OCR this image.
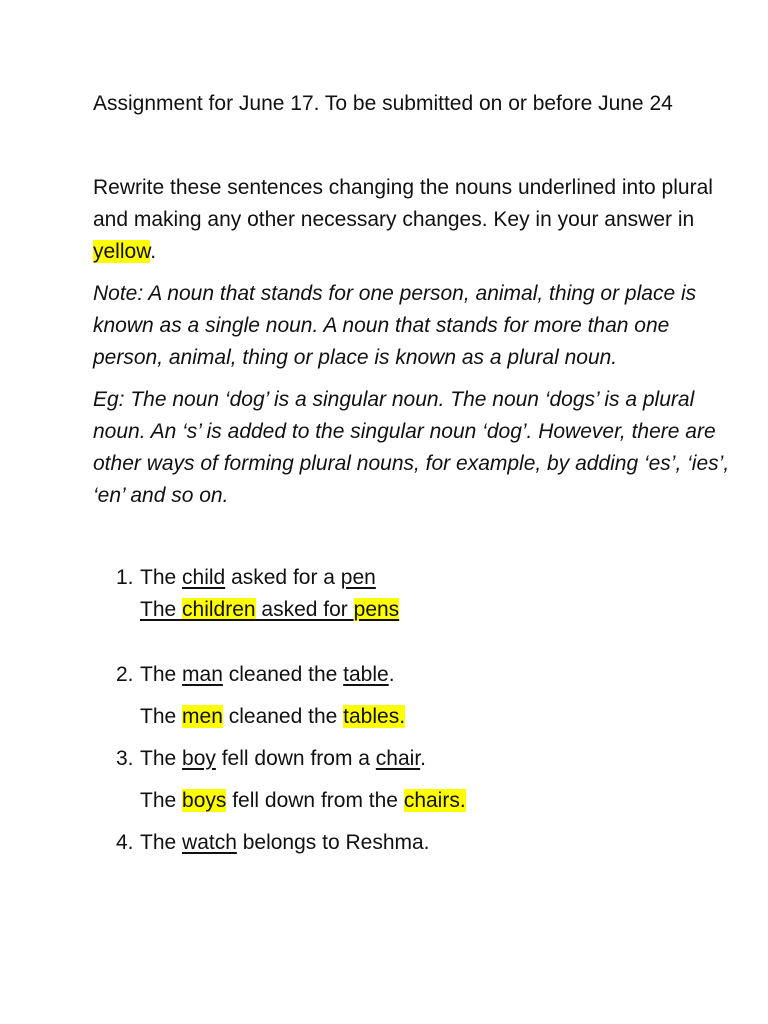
Assignment for June 17. To be submitted on or before June 24

Rewrite these sentences changing the nouns underlined into plural and making any other necessary changes. Key in your answer in yellow.

Note: A noun that stands for one person, animal, thing or place is known as a single noun. A noun that stands for more than one person, animal, thing or place is known as a plural noun.

Eg: The noun ‘dog’ is a singular noun. The noun ‘dogs’ is a plural noun. An ‘s’ is added to the singular noun ‘dog’. However, there are other ways of forming plural nouns, for example, by adding ‘es’, ‘ies’, ‘en’ and so on.

1. The child asked for a pen
The children asked for pens
2. The man cleaned the table.
The men cleaned the tables.
3. The boy fell down from a chair.
The boys fell down from the chairs.
4. The watch belongs to Reshma.
